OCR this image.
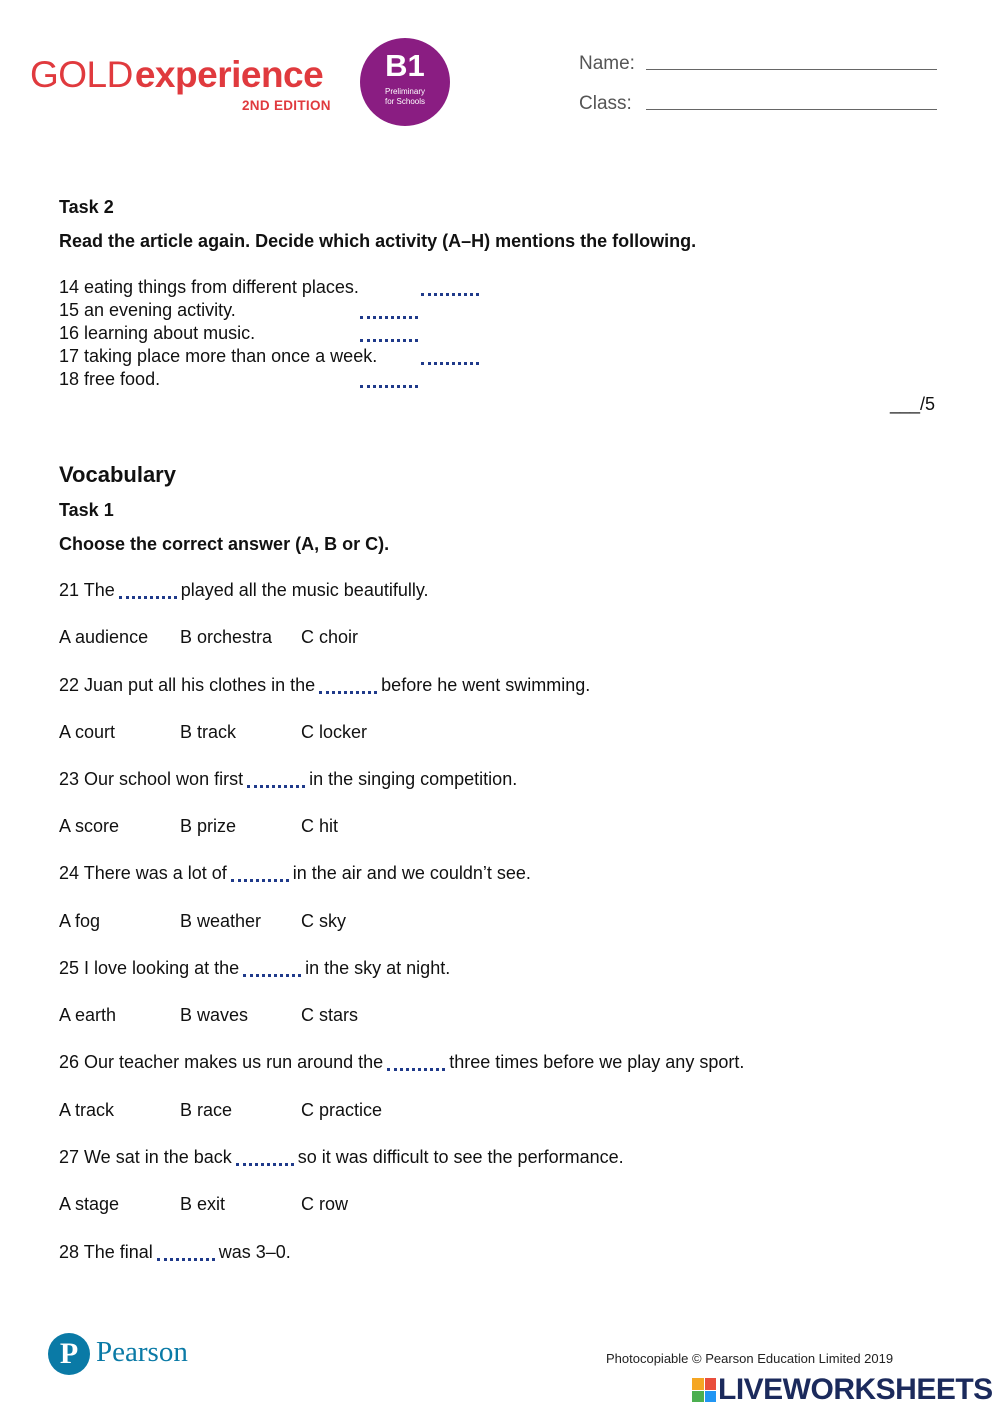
GOLDexperience
2ND EDITION
B1
Preliminary
for Schools
Name:
Class:
Task 2
Read the article again. Decide which activity (A–H) mentions the following.
14 eating things from different places.
15 an evening activity.
16 learning about music.
17 taking place more than once a week.
18 free food.
___/5
Vocabulary
Task 1
Choose the correct answer (A, B or C).
21 The	played all the music beautifully.
A audience B orchestra C choir
22 Juan put all his clothes in the	before he went swimming.
A court	B track	C locker
23 Our school won first	in the singing competition.
A score	B prize	C hit
24 There was a lot of	in the air and we couldn’t see.
A fog	B weather C sky
25 I love looking at the	in the sky at night.
A earth	B waves	C stars
26 Our teacher makes us run around the	three times before we play any sport.
A track	B race	C practice
27 We sat in the back	so it was difficult to see the performance.
A stage	B exit	C row
28 The final	was 3–0.
P Pearson	Photocopiable © Pearson Education Limited 2019
LIVEWORKSHEETS
